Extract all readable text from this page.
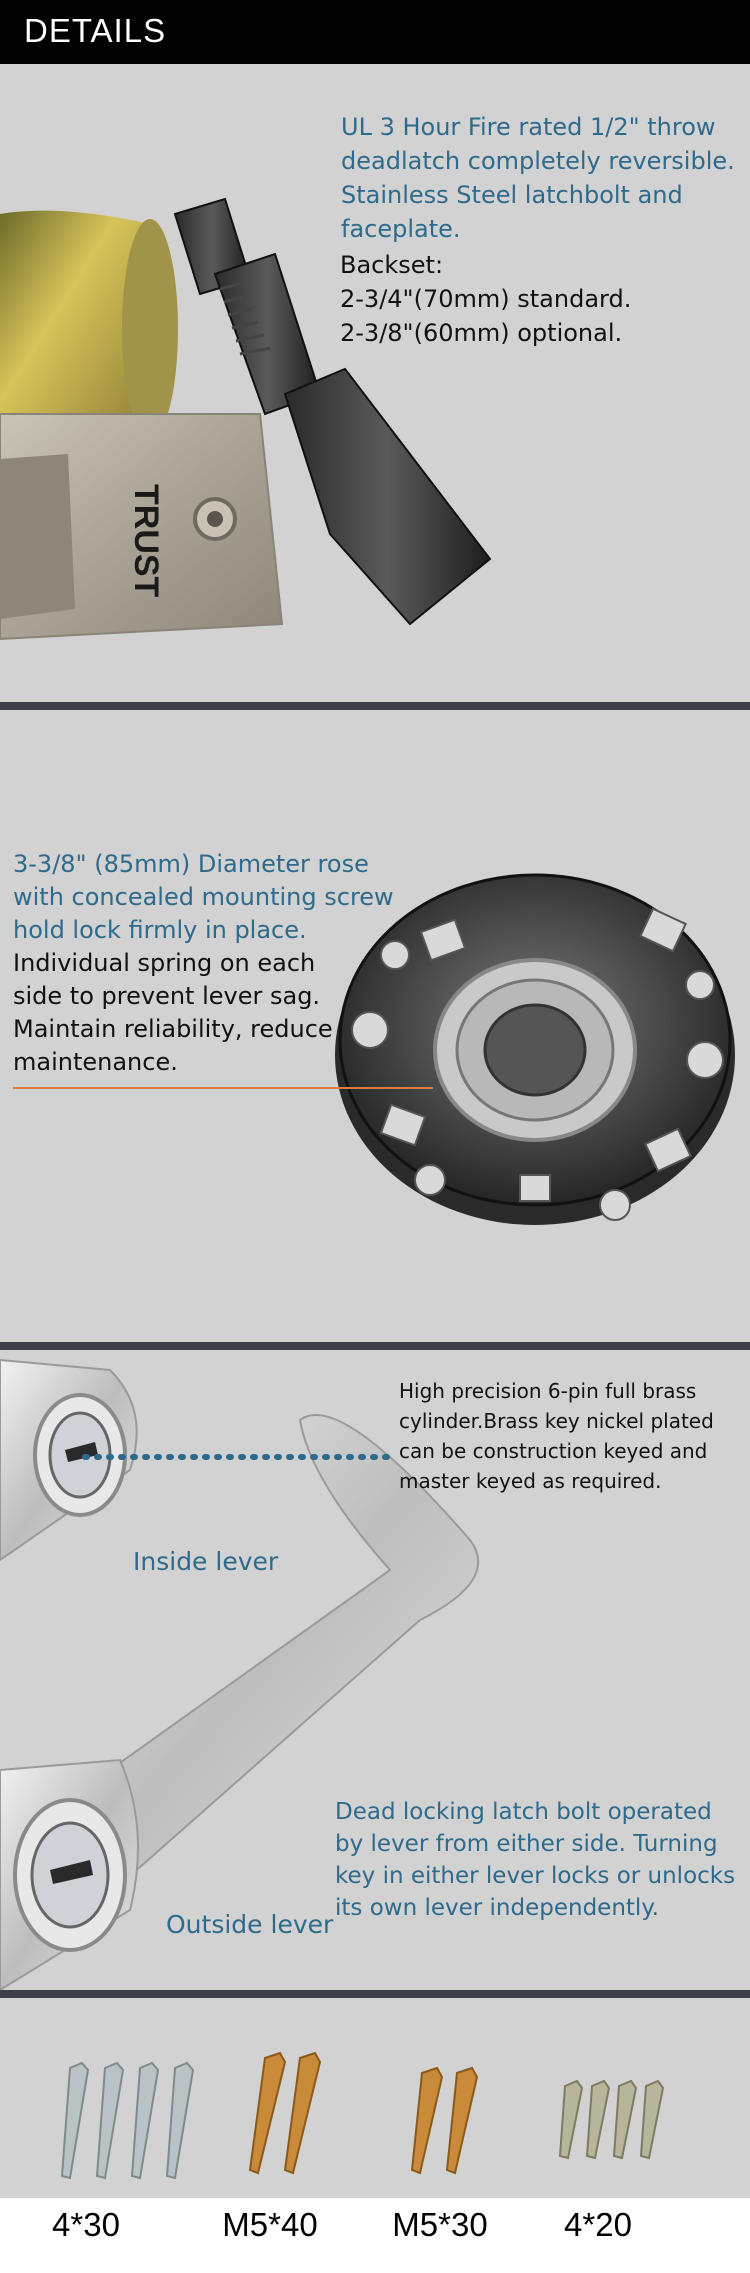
DETAILS
TRUST
UL 3 Hour Fire rated 1/2" throw deadlatch completely reversible. Stainless Steel latchbolt and faceplate.
Backset:
2-3/4"(70mm) standard.
2-3/8"(60mm) optional.
3-3/8" (85mm) Diameter rose with concealed mounting screw hold lock firmly in place.
Individual spring on each side to prevent lever sag. Maintain reliability, reduce maintenance.
High precision 6-pin full brass cylinder.Brass key nickel plated can be construction keyed and master keyed as required.
Inside lever
Outside lever
Dead locking latch bolt operated by lever from either side. Turning key in either lever locks or unlocks its own lever independently.
4*30	M5*40	M5*30	4*20
